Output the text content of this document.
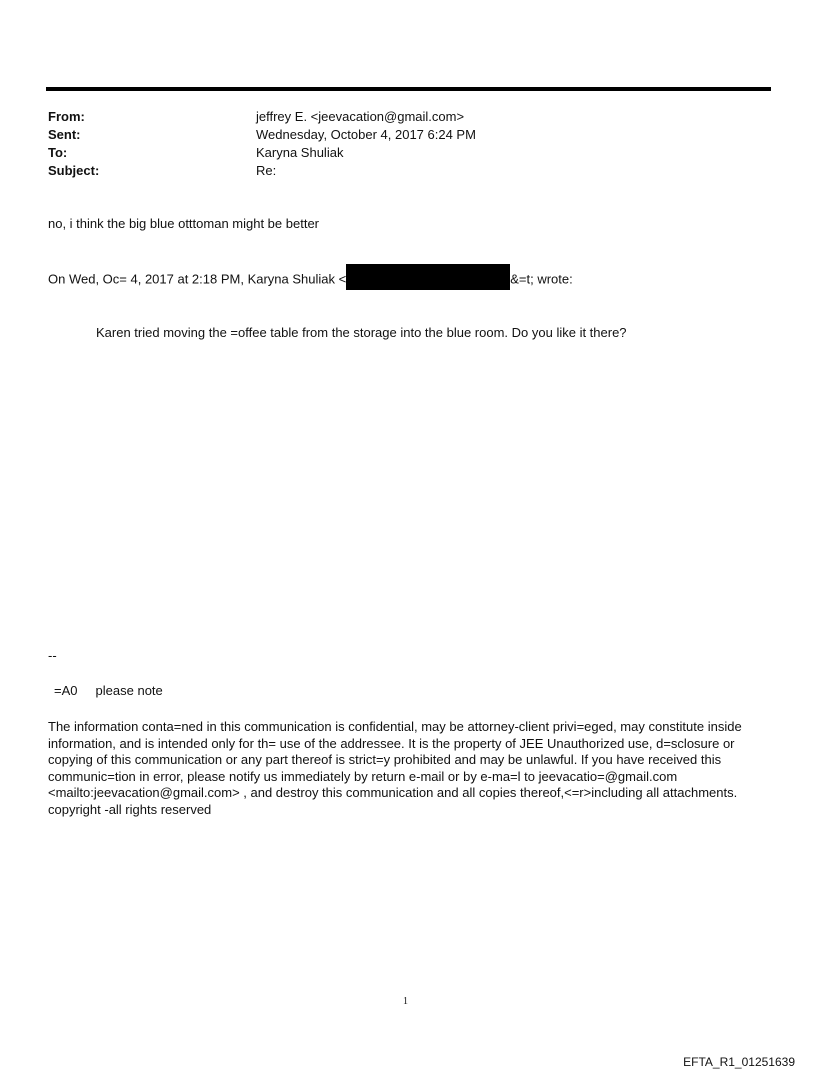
From:	jeffrey E. <jeevacation@gmail.com>
Sent:	Wednesday, October 4, 2017 6:24 PM
To:	Karyna Shuliak
Subject:	Re:
no, i think the big blue otttoman might be better
On Wed, Oc= 4, 2017 at 2:18 PM, Karyna Shuliak <	&=t; wrote:
Karen tried moving the =offee table from the storage into the blue room. Do you like it there?
--
=A0     please note
The information conta=ned in this communication is confidential, may be attorney-client privi=eged, may constitute inside information, and is intended only for th= use of the addressee. It is the property of JEE Unauthorized use, d=sclosure or copying of this communication or any part thereof is strict=y prohibited and may be unlawful. If you have received this communic=tion in error, please notify us immediately by return e-mail or by e-ma=l to jeevacatio=@gmail.com <mailto:jeevacation@gmail.com> , and destroy this communication and all copies thereof,<=r>including all attachments. copyright -all rights reserved
1
EFTA_R1_01251639
